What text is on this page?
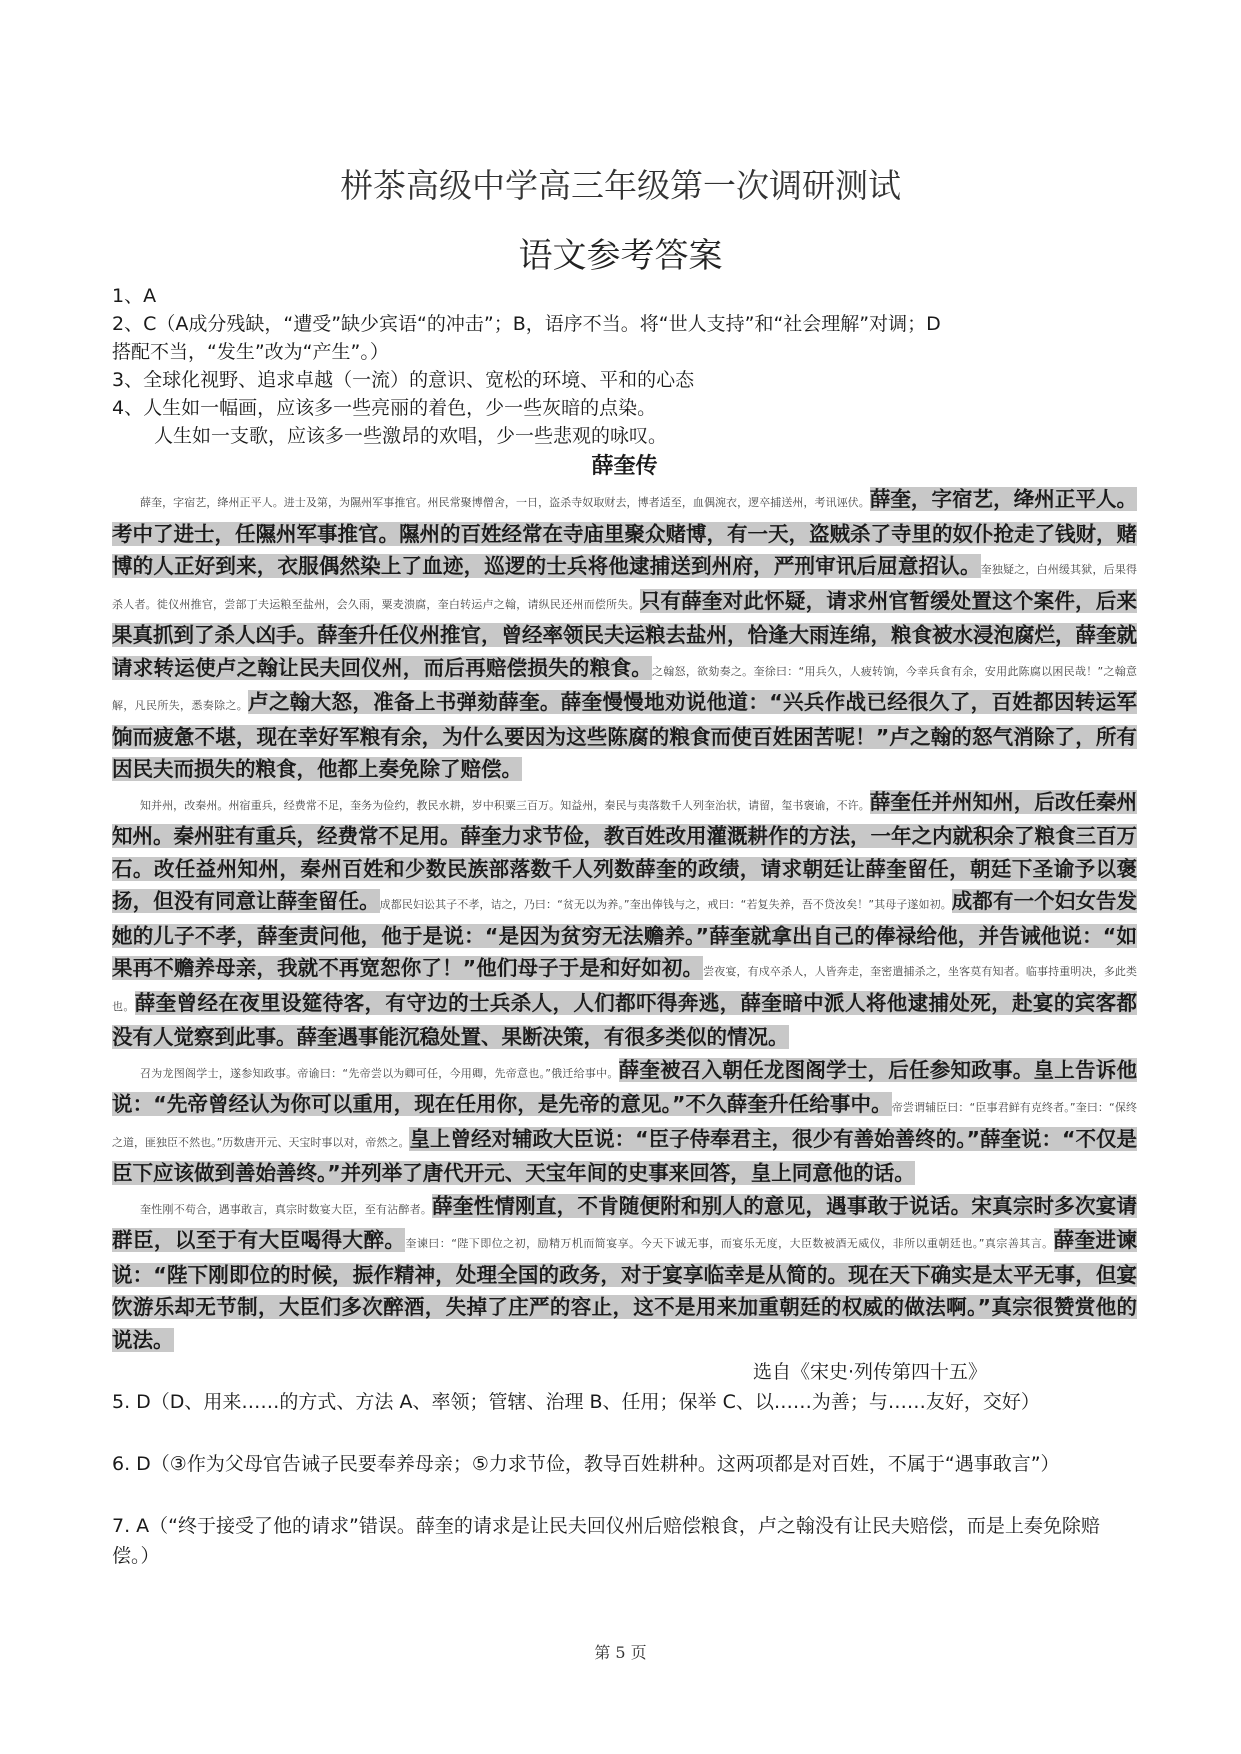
栟茶高级中学高三年级第一次调研测试
语文参考答案

1、A

2、C（A成分残缺，“遭受”缺少宾语“的冲击”；B，语序不当。将“世人支持”和“社会理解”对调；D

搭配不当，“发生”改为“产生”。）

3、全球化视野、追求卓越（一流）的意识、宽松的环境、平和的心态

4、人生如一幅画，应该多一些亮丽的着色，少一些灰暗的点染。

人生如一支歌，应该多一些激昂的欢唱，少一些悲观的咏叹。

薛奎传

薛奎，字宿艺，绛州正平人。进士及第，为隰州军事推官。州民常聚博僧舍，一日，盗杀寺奴取财去，博者适至，血偶涴衣，逻卒捕送州，考讯诬伏。薛奎，字宿艺，绛州正平人。考中了进士，任隰州军事推官。隰州的百姓经常在寺庙里聚众赌博，有一天，盗贼杀了寺里的奴仆抢走了钱财，赌博的人正好到来，衣服偶然染上了血迹，巡逻的士兵将他逮捕送到州府，严刑审讯后屈意招认。奎独疑之，白州缓其狱，后果得杀人者。徙仪州推官，尝部丁夫运粮至盐州，会久雨，粟麦溃腐，奎白转运卢之翰，请纵民还州而偿所失。只有薛奎对此怀疑，请求州官暂缓处置这个案件，后来果真抓到了杀人凶手。薛奎升任仪州推官，曾经率领民夫运粮去盐州，恰逢大雨连绵，粮食被水浸泡腐烂，薛奎就请求转运使卢之翰让民夫回仪州，而后再赔偿损失的粮食。之翰怒，欲劾奏之。奎徐曰：“用兵久，人疲转饷，今幸兵食有余，安用此陈腐以困民哉！”之翰意解，凡民所失，悉奏除之。卢之翰大怒，准备上书弹劾薛奎。薛奎慢慢地劝说他道：“兴兵作战已经很久了，百姓都因转运军饷而疲惫不堪，现在幸好军粮有余，为什么要因为这些陈腐的粮食而使百姓困苦呢！”卢之翰的怒气消除了，所有因民夫而损失的粮食，他都上奏免除了赔偿。

知并州，改秦州。州宿重兵，经费常不足，奎务为俭约，教民水耕，岁中积粟三百万。知益州，秦民与夷落数千人列奎治状，请留，玺书褒谕，不许。薛奎任并州知州，后改任秦州知州。秦州驻有重兵，经费常不足用。薛奎力求节俭，教百姓改用灌溉耕作的方法，一年之内就积余了粮食三百万石。改任益州知州，秦州百姓和少数民族部落数千人列数薛奎的政绩，请求朝廷让薛奎留任，朝廷下圣谕予以褒扬，但没有同意让薛奎留任。成都民妇讼其子不孝，诘之，乃曰：“贫无以为养。”奎出俸钱与之，戒曰：“若复失养，吾不贷汝矣！”其母子遂如初。成都有一个妇女告发她的儿子不孝，薛奎责问他，他于是说：“是因为贫穷无法赡养。”薛奎就拿出自己的俸禄给他，并告诫他说：“如果再不赡养母亲，我就不再宽恕你了！”他们母子于是和好如初。尝夜宴，有戍卒杀人，人皆奔走，奎密遣捕杀之，坐客莫有知者。临事持重明决，多此类也。薛奎曾经在夜里设筵待客，有守边的士兵杀人，人们都吓得奔逃，薛奎暗中派人将他逮捕处死，赴宴的宾客都没有人觉察到此事。薛奎遇事能沉稳处置、果断决策，有很多类似的情况。

召为龙图阁学士，遂参知政事。帝谕曰：“先帝尝以为卿可任，今用卿，先帝意也。”俄迁给事中。薛奎被召入朝任龙图阁学士，后任参知政事。皇上告诉他说：“先帝曾经认为你可以重用，现在任用你，是先帝的意见。”不久薛奎升任给事中。帝尝谓辅臣曰：“臣事君鲜有克终者。”奎曰：“保终之道，匪独臣不然也。”历数唐开元、天宝时事以对，帝然之。皇上曾经对辅政大臣说：“臣子侍奉君主，很少有善始善终的。”薛奎说：“不仅是臣下应该做到善始善终。”并列举了唐代开元、天宝年间的史事来回答，皇上同意他的话。

奎性刚不苟合，遇事敢言，真宗时数宴大臣，至有沾醉者。薛奎性情刚直，不肯随便附和别人的意见，遇事敢于说话。宋真宗时多次宴请群臣，以至于有大臣喝得大醉。奎谏曰：“陛下即位之初，励精万机而简宴享。今天下诚无事，而宴乐无度，大臣数被酒无威仪，非所以重朝廷也。”真宗善其言。薛奎进谏说：“陛下刚即位的时候，振作精神，处理全国的政务，对于宴享临幸是从简的。现在天下确实是太平无事，但宴饮游乐却无节制，大臣们多次醉酒，失掉了庄严的容止，这不是用来加重朝廷的权威的做法啊。”真宗很赞赏他的说法。

选自《宋史·列传第四十五》

5. D（D、用来……的方式、方法 A、率领；管辖、治理 B、任用；保举 C、以……为善；与……友好，交好）

6. D（③作为父母官告诫子民要奉养母亲；⑤力求节俭，教导百姓耕种。这两项都是对百姓，不属于“遇事敢言”）

7. A（“终于接受了他的请求”错误。薛奎的请求是让民夫回仪州后赔偿粮食，卢之翰没有让民夫赔偿，而是上奏免除赔偿。）

第 5 页
